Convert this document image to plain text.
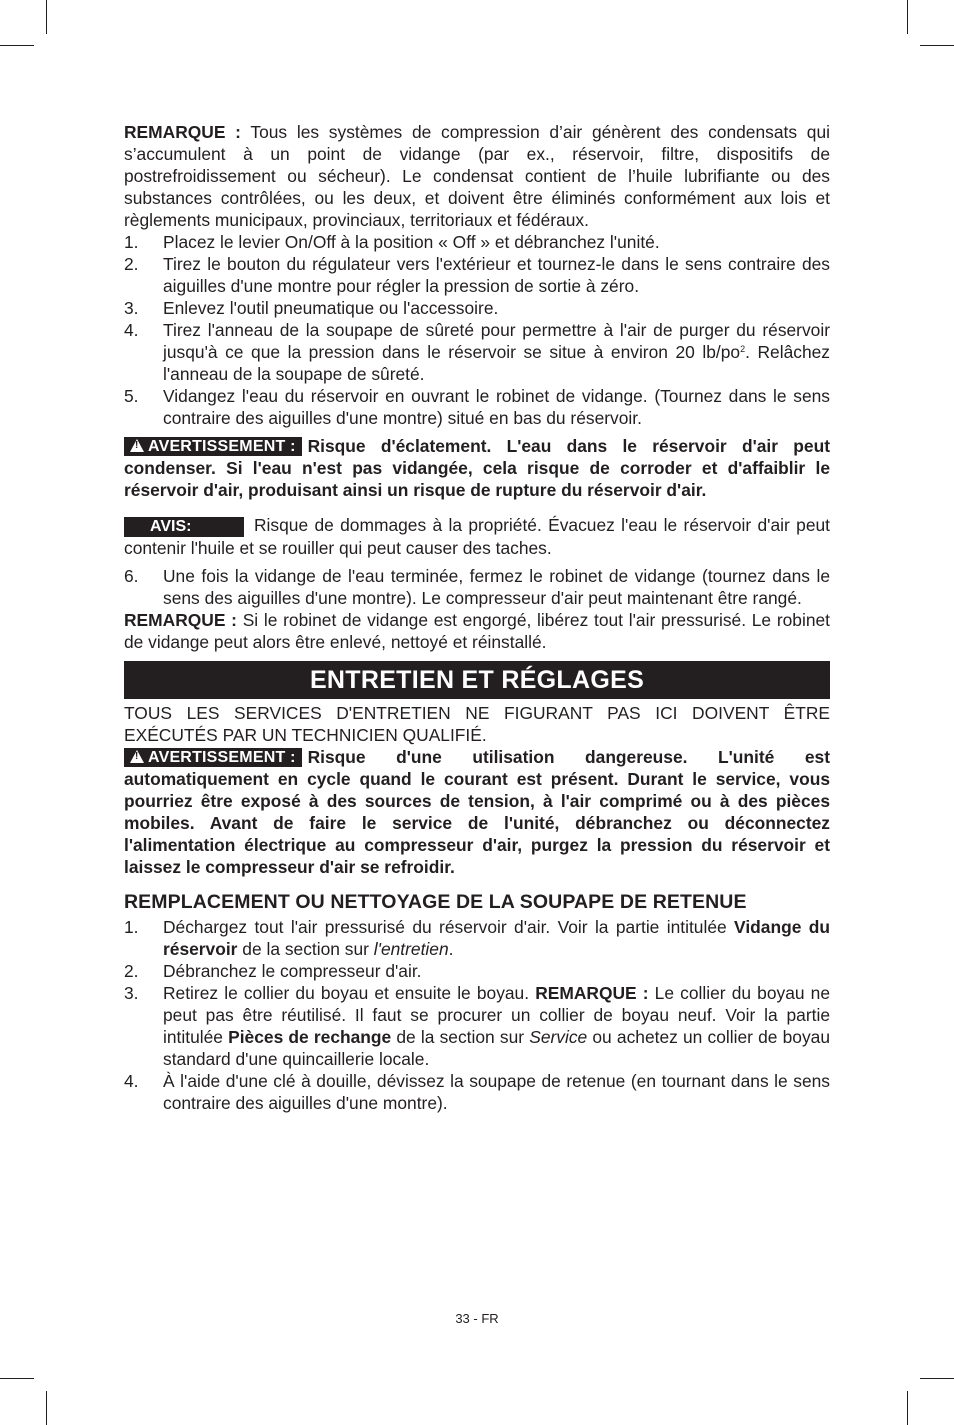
REMARQUE : Tous les systèmes de compression d’air génèrent des condensats qui s’accumulent à un point de vidange (par ex., réservoir, filtre, dispositifs de postrefroidissement ou sécheur). Le condensat contient de l’huile lubrifiante ou des substances contrôlées, ou les deux, et doivent être éliminés conformément aux lois et règlements municipaux, provinciaux, territoriaux et fédéraux.

1. Placez le levier On/Off à la position « Off » et débranchez l'unité.
2. Tirez le bouton du régulateur vers l'extérieur et tournez-le dans le sens contraire des aiguilles d'une montre pour régler la pression de sortie à zéro.
3. Enlevez l'outil pneumatique ou l'accessoire.
4. Tirez l'anneau de la soupape de sûreté pour permettre à l'air de purger du réservoir jusqu'à ce que la pression dans le réservoir se situe à environ 20 $lb/po^2$. Relâchez l'anneau de la soupape de sûreté.
5. Vidangez l'eau du réservoir en ouvrant le robinet de vidange. (Tournez dans le sens contraire des aiguilles d'une montre) situé en bas du réservoir.

!AVERTISSEMENT : Risque d'éclatement. L'eau dans le réservoir d'air peut condenser. Si l'eau n'est pas vidangée, cela risque de corroder et d'affaiblir le réservoir d'air, produisant ainsi un risque de rupture du réservoir d'air.

AVIS:	Risque de dommages à la propriété. Évacuez l'eau le réservoir d'air peut contenir l'huile et se rouiller qui peut causer des taches.

6. Une fois la vidange de l'eau terminée, fermez le robinet de vidange (tournez dans le sens des aiguilles d'une montre). Le compresseur d'air peut maintenant être rangé.

REMARQUE : Si le robinet de vidange est engorgé, libérez tout l'air pressurisé. Le robinet de vidange peut alors être enlevé, nettoyé et réinstallé.

ENTRETIEN ET RÉGLAGES

TOUS LES SERVICES D'ENTRETIEN NE FIGURANT PAS ICI DOIVENT ÊTRE EXÉCUTÉS PAR UN TECHNICIEN QUALIFIÉ.

!AVERTISSEMENT : Risque d'une utilisation dangereuse. L'unité est automatiquement en cycle quand le courant est présent. Durant le service, vous pourriez être exposé à des sources de tension, à l'air comprimé ou à des pièces mobiles. Avant de faire le service de l'unité, débranchez ou déconnectez l'alimentation électrique au compresseur d'air, purgez la pression du réservoir et laissez le compresseur d'air se refroidir.

REMPLACEMENT OU NETTOYAGE DE LA SOUPAPE DE RETENUE
1. Déchargez tout l'air pressurisé du réservoir d'air. Voir la partie intitulée Vidange du réservoir de la section sur l'entretien.
2. Débranchez le compresseur d'air.
3. Retirez le collier du boyau et ensuite le boyau. REMARQUE : Le collier du boyau ne peut pas être réutilisé. Il faut se procurer un collier de boyau neuf. Voir la partie intitulée Pièces de rechange de la section sur Service ou achetez un collier de boyau standard d'une quincaillerie locale.
4. À l'aide d'une clé à douille, dévissez la soupape de retenue (en tournant dans le sens contraire des aiguilles d'une montre).
33 - FR
